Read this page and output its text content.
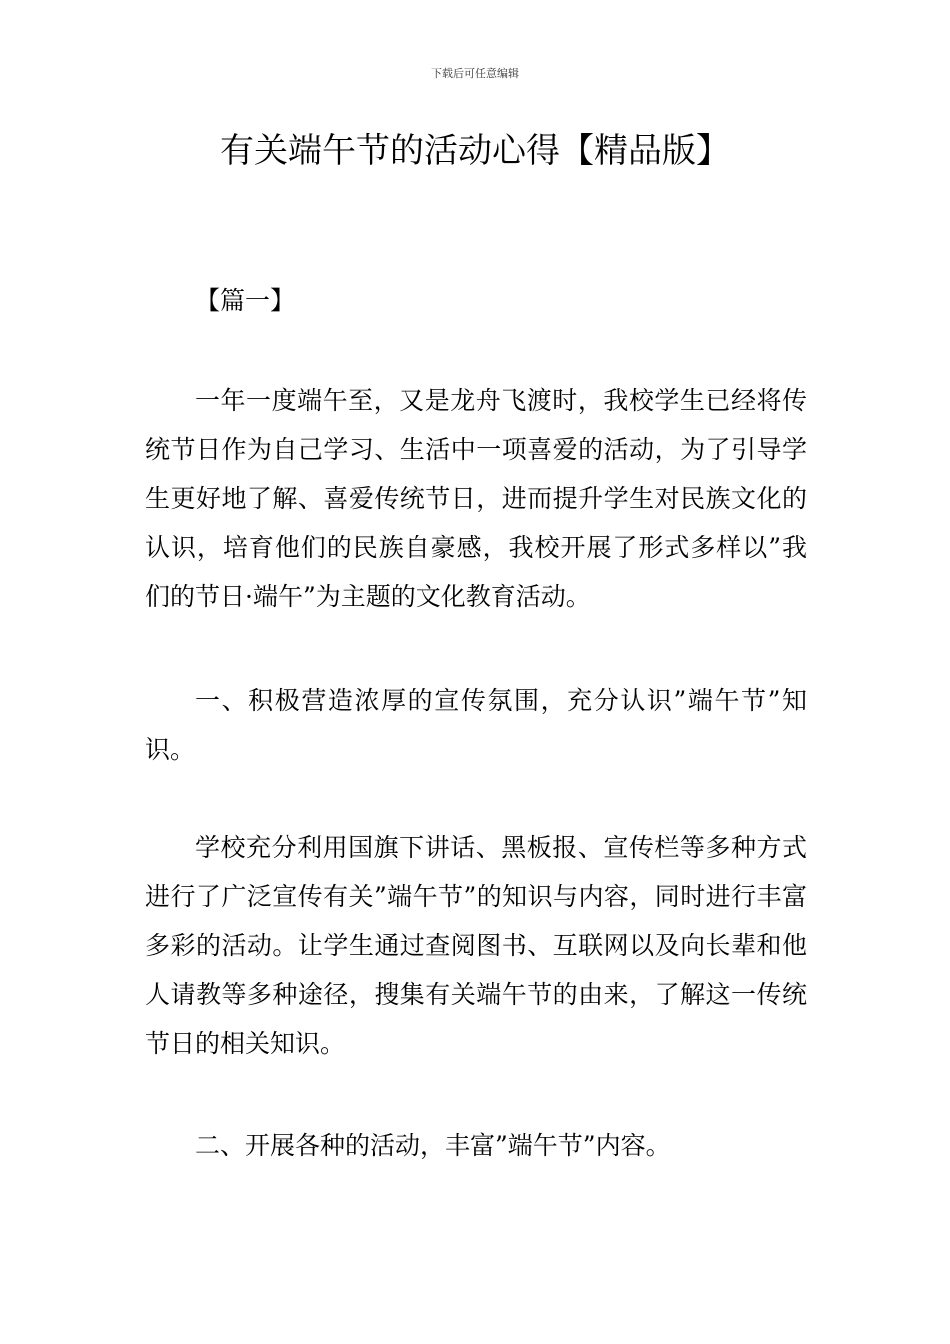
下载后可任意编辑
有关端午节的活动心得【精品版】

【篇一】

一年一度端午至，又是龙舟飞渡时，我校学生已经将传统节日作为自己学习、生活中一项喜爱的活动，为了引导学生更好地了解、喜爱传统节日，进而提升学生对民族文化的认识，培育他们的民族自豪感，我校开展了形式多样以”我们的节日·端午”为主题的文化教育活动。

一、积极营造浓厚的宣传氛围，充分认识”端午节”知识。

学校充分利用国旗下讲话、黑板报、宣传栏等多种方式进行了广泛宣传有关”端午节”的知识与内容，同时进行丰富多彩的活动。让学生通过查阅图书、互联网以及向长辈和他人请教等多种途径，搜集有关端午节的由来，了解这一传统节日的相关知识。

二、开展各种的活动，丰富”端午节”内容。
